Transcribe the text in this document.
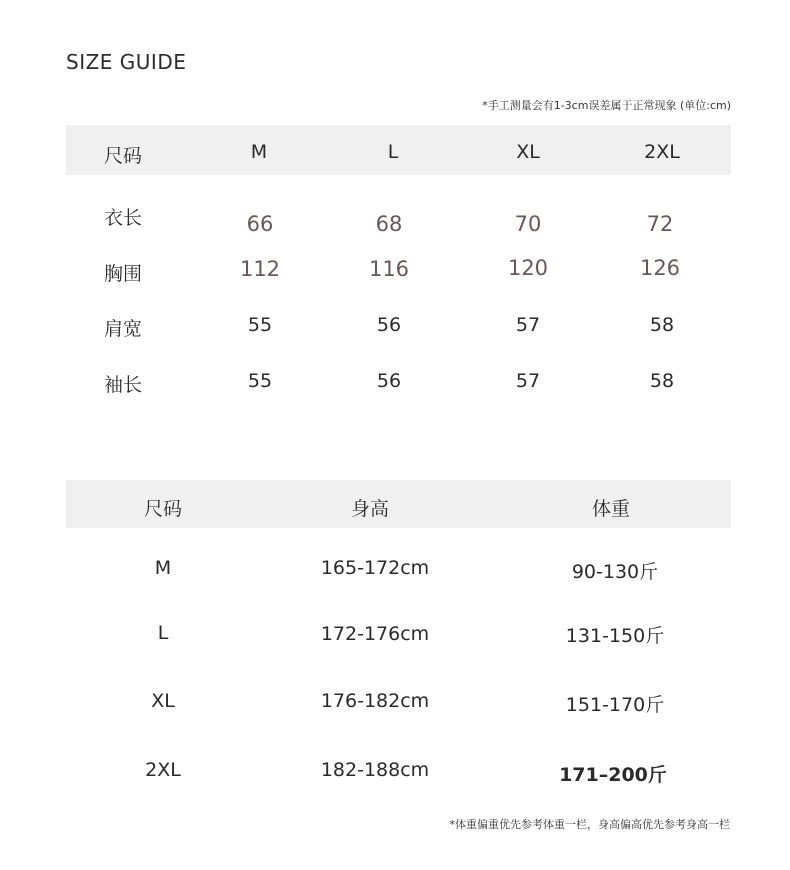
SIZE GUIDE
*手工测量会有1-3cm误差属于正常现象 (单位:cm)
尺码	M	L	XL	2XL
衣长	66	68	70	72
胸围	112	116	120	126
肩宽	55	56	57	58
袖长	55	56	57	58
尺码	身高	体重
M	165-172cm	90-130斤
L	172-176cm	131-150斤
XL	176-182cm	151-170斤
2XL	182-188cm	171–200斤
*体重偏重优先参考体重一栏，身高偏高优先参考身高一栏
